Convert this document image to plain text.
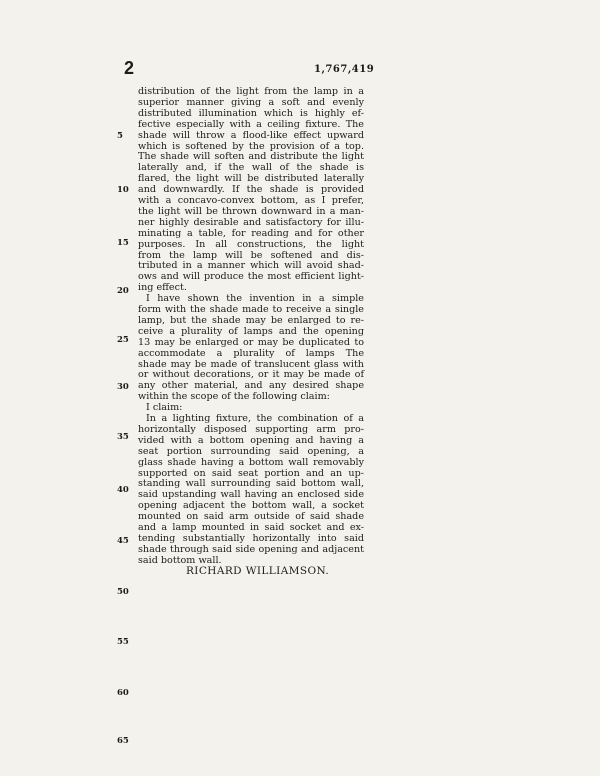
2	1,767,419
distribution of the light from the lamp in a
superior manner giving a soft and evenly
distributed illumination which is highly ef-
fective especially with a ceiling fixture. The
shade will throw a flood-like effect upward
which is softened by the provision of a top.
The shade will soften and distribute the light
laterally and, if the wall of the shade is
flared, the light will be distributed laterally
and downwardly. If the shade is provided
with a concavo-convex bottom, as I prefer,
the light will be thrown downward in a man-
ner highly desirable and satisfactory for illu-
minating a table, for reading and for other
purposes. In all constructions, the light
from the lamp will be softened and dis-
tributed in a manner which will avoid shad-
ows and will produce the most efficient light-
ing effect.
I have shown the invention in a simple
form with the shade made to receive a single
lamp, but the shade may be enlarged to re-
ceive a plurality of lamps and the opening
13 may be enlarged or may be duplicated to
accommodate a plurality of lamps The
shade may be made of translucent glass with
or without decorations, or it may be made of
any other material, and any desired shape
within the scope of the following claim:
I claim:
In a lighting fixture, the combination of a
horizontally disposed supporting arm pro-
vided with a bottom opening and having a
seat portion surrounding said opening, a
glass shade having a bottom wall removably
supported on said seat portion and an up-
standing wall surrounding said bottom wall,
said upstanding wall having an enclosed side
opening adjacent the bottom wall, a socket
mounted on said arm outside of said shade
and a lamp mounted in said socket and ex-
tending substantially horizontally into said
shade through said side opening and adjacent
said bottom wall.
RICHARD WILLIAMSON.
5
10
15
20
25
30
35
40
45
50
55
60
65
